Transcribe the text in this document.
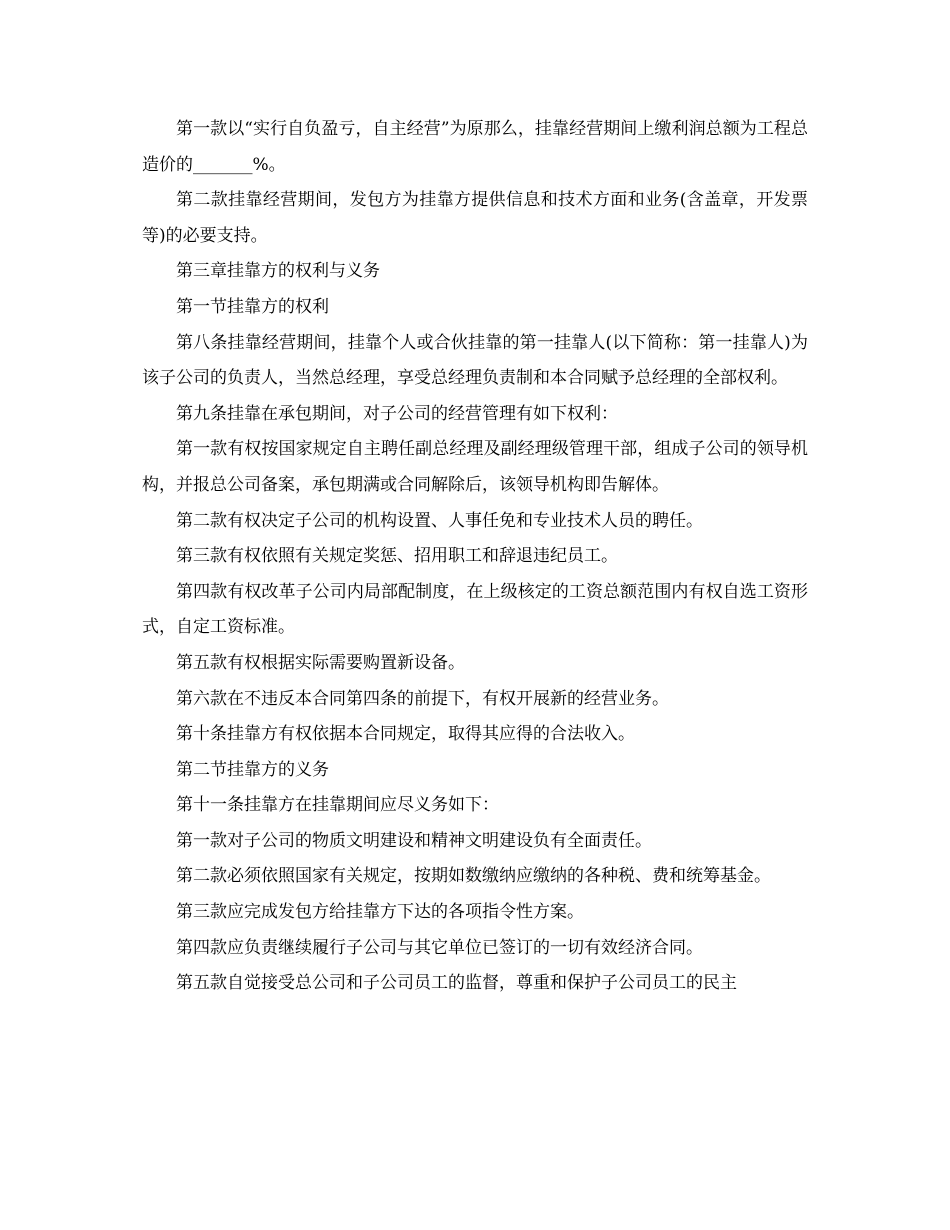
第一款以“实行自负盈亏，自主经营”为原那么，挂靠经营期间上缴利润总额为工程总造价的_______%。

第二款挂靠经营期间，发包方为挂靠方提供信息和技术方面和业务(含盖章，开发票等)的必要支持。

第三章挂靠方的权利与义务

第一节挂靠方的权利

第八条挂靠经营期间，挂靠个人或合伙挂靠的第一挂靠人(以下简称：第一挂靠人)为该子公司的负责人，当然总经理，享受总经理负责制和本合同赋予总经理的全部权利。

第九条挂靠在承包期间，对子公司的经营管理有如下权利：

第一款有权按国家规定自主聘任副总经理及副经理级管理干部，组成子公司的领导机构，并报总公司备案，承包期满或合同解除后，该领导机构即告解体。

第二款有权决定子公司的机构设置、人事任免和专业技术人员的聘任。

第三款有权依照有关规定奖惩、招用职工和辞退违纪员工。

第四款有权改革子公司内局部配制度，在上级核定的工资总额范围内有权自选工资形式，自定工资标准。

第五款有权根据实际需要购置新设备。

第六款在不违反本合同第四条的前提下，有权开展新的经营业务。

第十条挂靠方有权依据本合同规定，取得其应得的合法收入。

第二节挂靠方的义务

第十一条挂靠方在挂靠期间应尽义务如下：

第一款对子公司的物质文明建设和精神文明建设负有全面责任。

第二款必须依照国家有关规定，按期如数缴纳应缴纳的各种税、费和统筹基金。

第三款应完成发包方给挂靠方下达的各项指令性方案。

第四款应负责继续履行子公司与其它单位已签订的一切有效经济合同。

第五款自觉接受总公司和子公司员工的监督，尊重和保护子公司员工的民主
